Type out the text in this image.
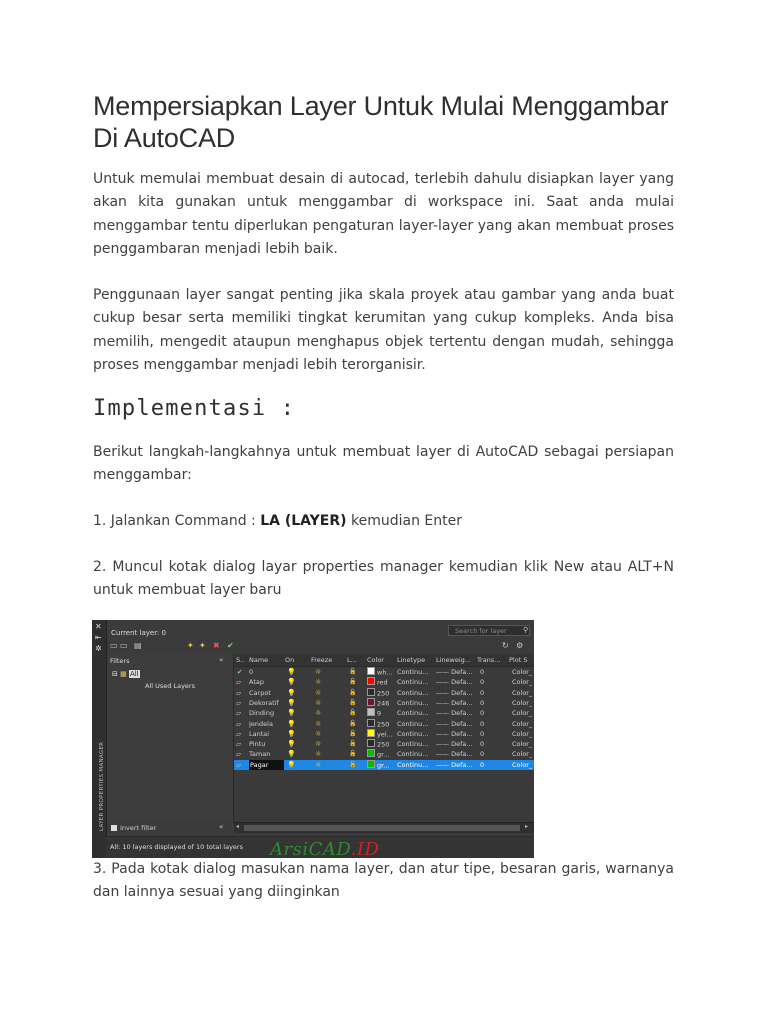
Mempersiapkan Layer Untuk Mulai Menggambar Di AutoCAD

Untuk memulai membuat desain di autocad, terlebih dahulu disiapkan layer yang akan kita gunakan untuk menggambar di workspace ini. Saat anda mulai menggambar tentu diperlukan pengaturan layer-layer yang akan membuat proses penggambaran menjadi lebih baik.

Penggunaan layer sangat penting jika skala proyek atau gambar yang anda buat cukup besar serta memiliki tingkat kerumitan yang cukup kompleks. Anda bisa memilih, mengedit ataupun menghapus objek tertentu dengan mudah, sehingga proses menggambar menjadi lebih terorganisir.

Implementasi :

Berikut langkah-langkahnya untuk membuat layer di AutoCAD sebagai persiapan menggambar:

1. Jalankan Command : LA (LAYER) kemudian Enter

2. Muncul kotak dialog layar properties manager kemudian klik New atau ALT+N untuk membuat layer baru

✕
⇤
✲
LAYER PROPERTIES MANAGER
Current layer: 0	Search for layer	⚲
▭ ▭ ▤	✦ ✦ ✖ ✔	↻ ⚙
Filters	«
⊟ ▦ All
All Used Layers
S.. Name	On	Freeze L... Color Linetype Lineweig... Trans... Plot S
✔ 0	💡	☼	🔓	wh... Continu... —— Defa... 0	Color_
▱ Atap	💡	☼	🔓	red Continu... —— Defa... 0	Color_
▱ Carpot	💡	☼	🔓	250 Continu... —— Defa... 0	Color_
▱ Dekoratif	💡	☼	🔓	246 Continu... —— Defa... 0	Color_
▱ Dinding	💡	☼	🔓	9 Continu... —— Defa... 0	Color_
▱ Jendela	💡	☼	🔓	250 Continu... —— Defa... 0	Color_
▱ Lantai	💡	☼	🔓	yel... Continu... —— Defa... 0	Color_
▱ Pintu	💡	☼	🔓	250 Continu... —— Defa... 0	Color_
▱ Taman	💡	☼	🔓	gr... Continu... —— Defa... 0	Color_
▱ Pagar	💡	☼	🔓	gr... Continu... —— Defa... 0	Color_
Invert filter	« ◂	▸
All: 10 layers displayed of 10 total layers ArsiCAD.ID

3. Pada kotak dialog masukan nama layer, dan atur tipe, besaran garis, warnanya dan lainnya sesuai yang diinginkan
